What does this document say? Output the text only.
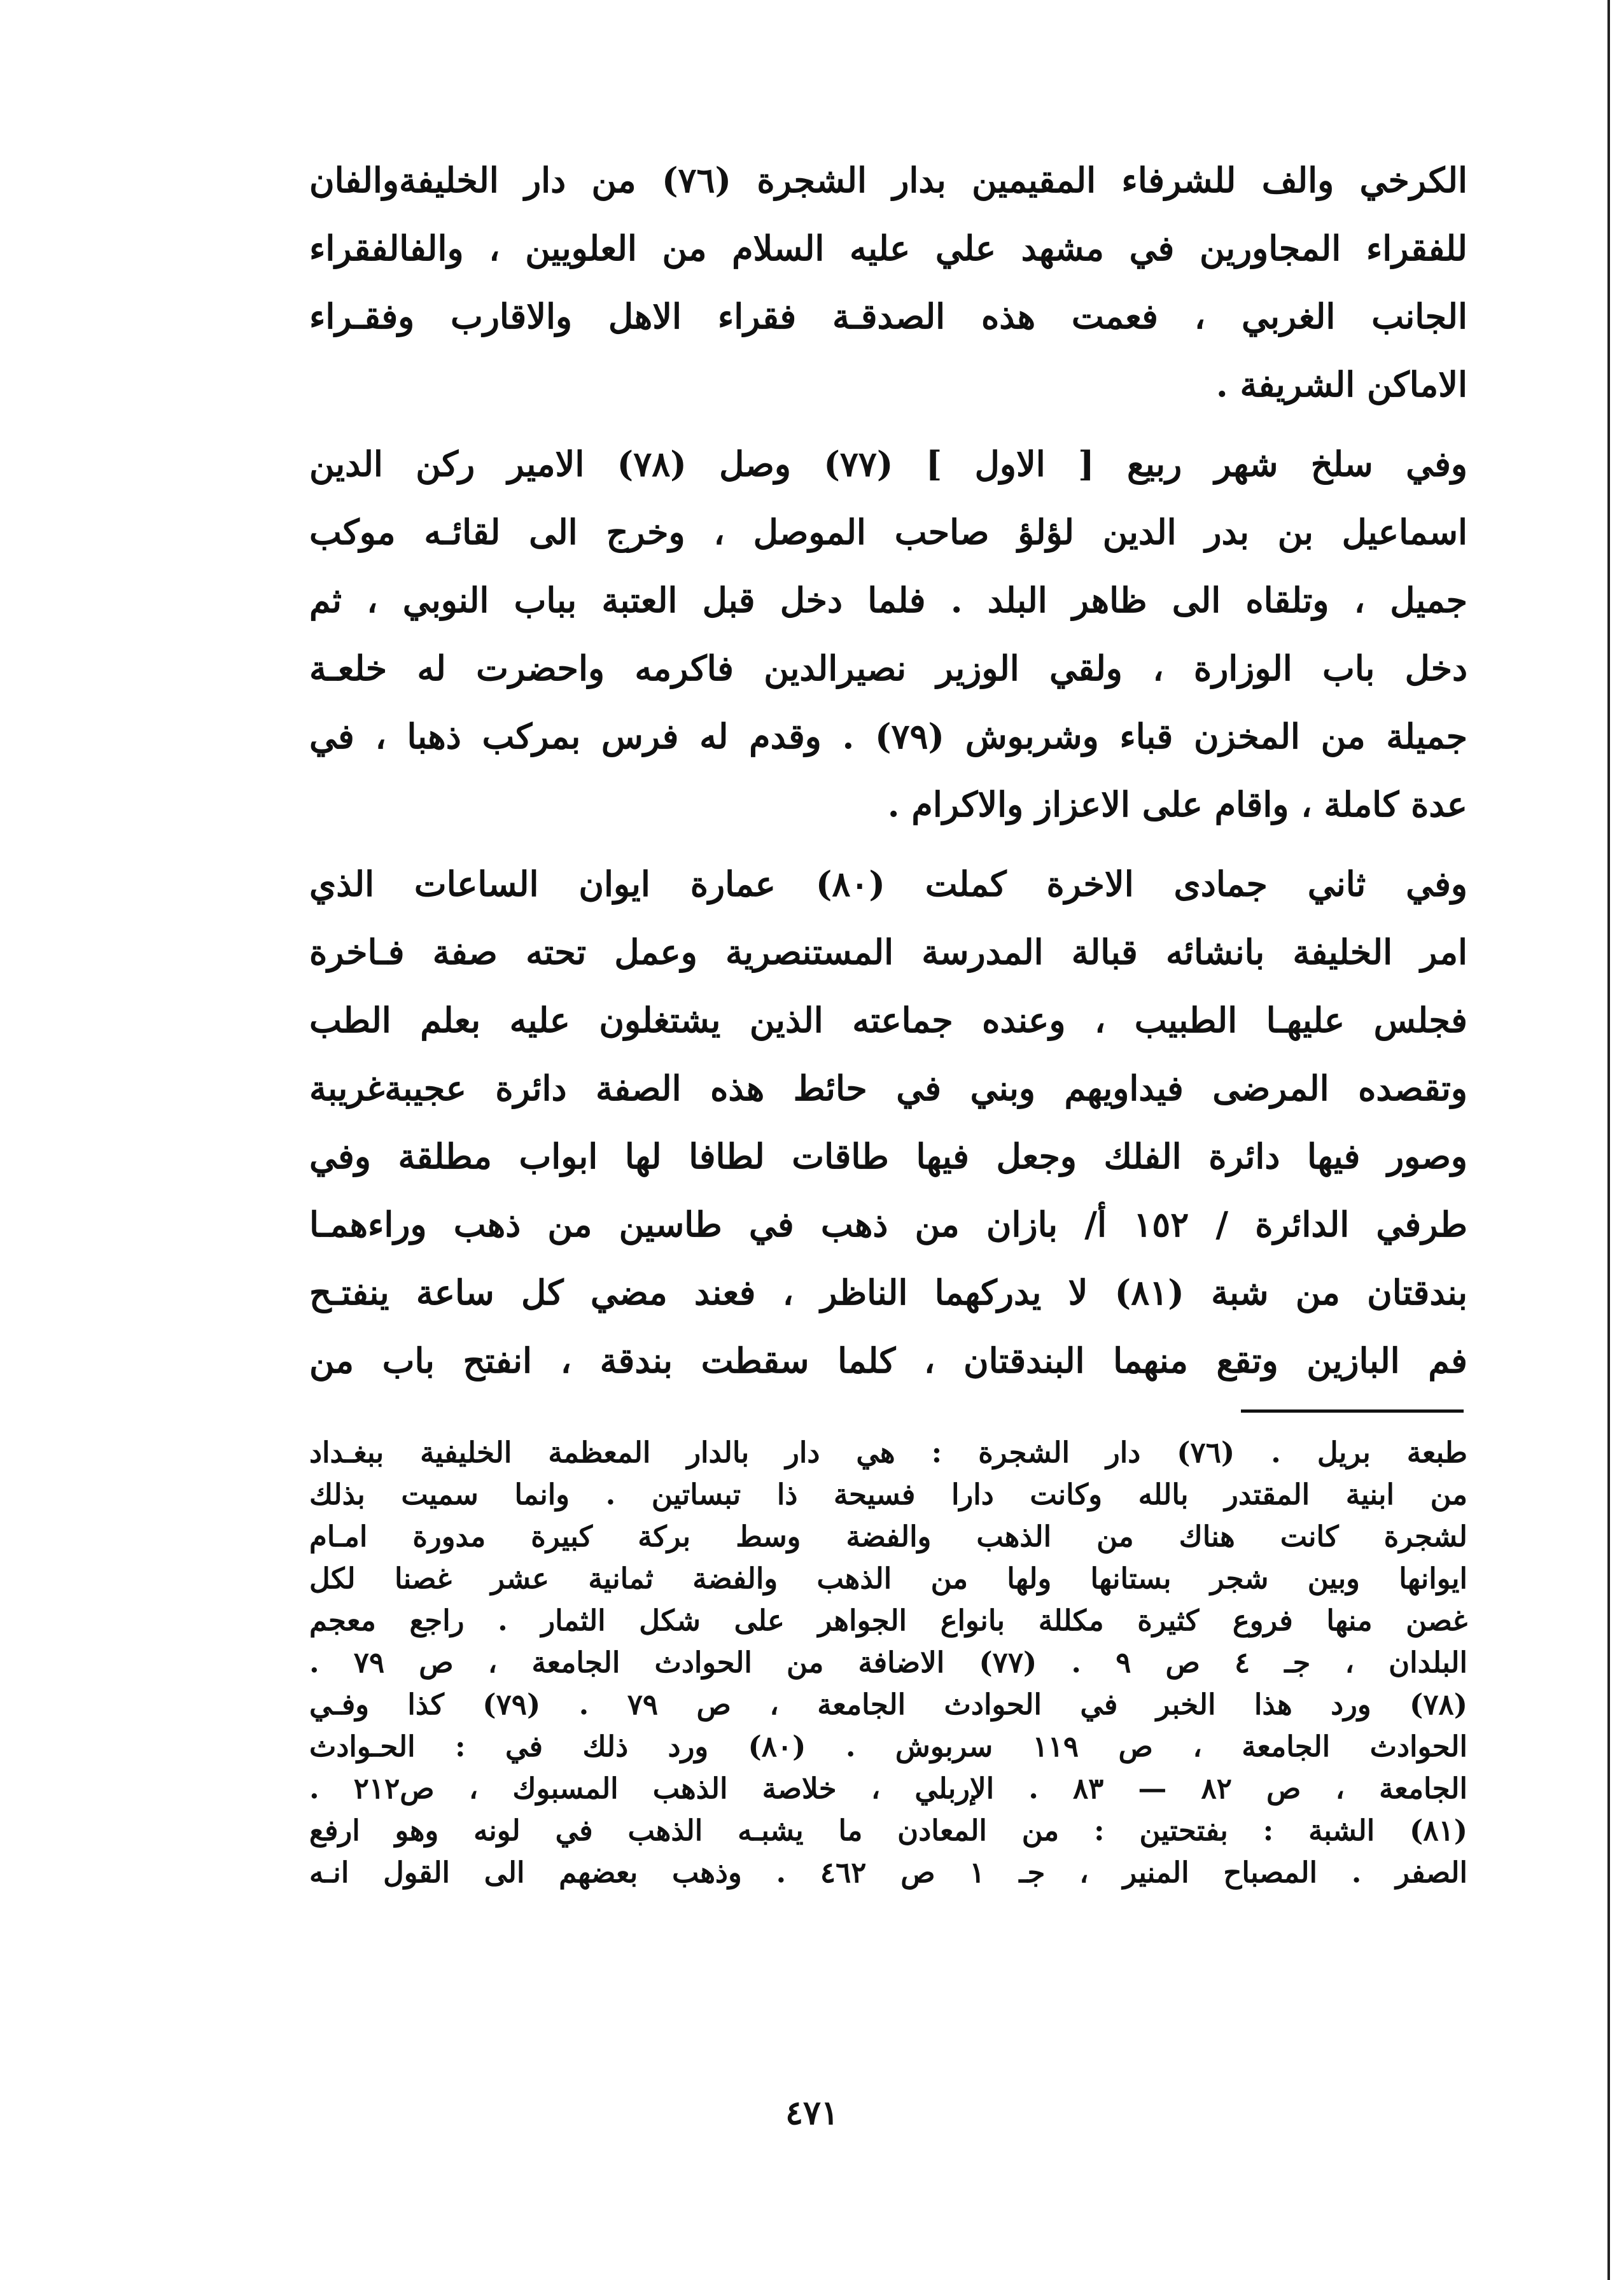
الكرخي والف للشرفاء المقيمين بدار الشجرة (٧٦) من دار الخليفةوالفان
للفقراء المجاورين في مشهد علي عليه السلام من العلويين ، والفالفقراء
الجانب الغربي ، فعمت هذه الصدقـة فقراء الاهل والاقارب وفقـراء
الاماكن الشريفة .
وفي سلخ شهر ربيع [ الاول ] (٧٧) وصل (٧٨) الامير ركن الدين
اسماعيل بن بدر الدين لؤلؤ صاحب الموصل ، وخرج الى لقائـه موكب
جميل ، وتلقاه الى ظاهر البلد . فلما دخل قبل العتبة بباب النوبي ، ثم
دخل باب الوزارة ، ولقي الوزير نصيرالدين فاكرمه واحضرت له خلعـة
جميلة من المخزن قباء وشربوش (٧٩) . وقدم له فرس بمركب ذهبا ، في
عدة كاملة ، واقام على الاعزاز والاكرام .
وفي ثاني جمادى الاخرة كملت (٨٠) عمارة ايوان الساعات الذي
امر الخليفة بانشائه قبالة المدرسة المستنصرية وعمل تحته صفة فـاخرة
فجلس عليهـا الطبيب ، وعنده جماعته الذين يشتغلون عليه بعلم الطب
وتقصده المرضى فيداويهم وبني في حائط هذه الصفة دائرة عجيبةغريبة
وصور فيها دائرة الفلك وجعل فيها طاقات لطافا لها ابواب مطلقة وفي
طرفي الدائرة / ١٥٢ أ/ بازان من ذهب في طاسين من ذهب وراءهمـا
بندقتان من شبة (٨١) لا يدركهما الناظر ، فعند مضي كل ساعة ينفتـح
فم البازين وتقع منهما البندقتان ، كلما سقطت بندقة ، انفتح باب من
طبعة بريل . (٧٦) دار الشجرة : هي دار بالدار المعظمة الخليفية ببغـداد
من ابنية المقتدر بالله وكانت دارا فسيحة ذا تبساتين . وانما سميت بذلك
لشجرة كانت هناك من الذهب والفضة وسط بركة كبيرة مدورة امـام
ايوانها وبين شجر بستانها ولها من الذهب والفضة ثمانية عشر غصنا لكل
غصن منها فروع كثيرة مكللة بانواع الجواهر على شكل الثمار . راجع معجم
البلدان ، جـ ٤ ص ٩ . (٧٧) الاضافة من الحوادث الجامعة ، ص ٧٩ .
(٧٨) ورد هذا الخبر في الحوادث الجامعة ، ص ٧٩ . (٧٩) كذا وفـي
الحوادث الجامعة ، ص ١١٩ سربوش . (٨٠) ورد ذلك في : الحـوادث
الجامعة ، ص ٨٢ — ٨٣ . الإربلي ، خلاصة الذهب المسبوك ، ص٢١٢ .
(٨١) الشبة : بفتحتين : من المعادن ما يشبـه الذهب في لونه وهو ارفع
الصفر . المصباح المنير ، جـ ١ ص ٤٦٢ . وذهب بعضهم الى القول انـه
٤٧١
